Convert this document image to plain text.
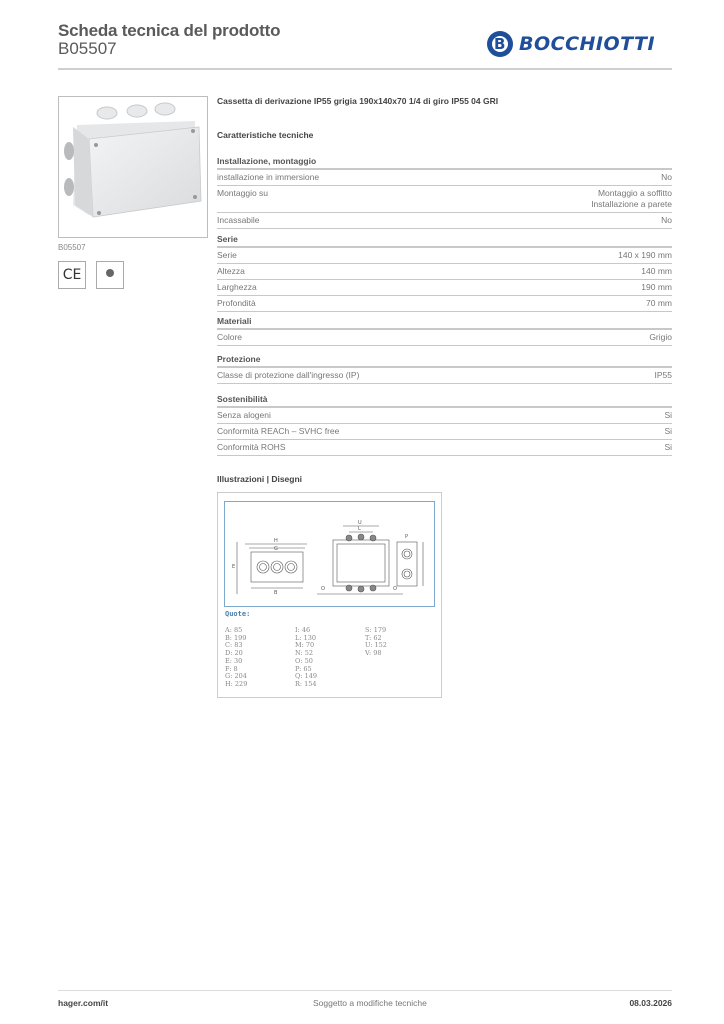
Scheda tecnica del prodotto
B05507 B	BOCCHIOTTI
B05507
CE
Cassetta di derivazione IP55 grigia 190x140x70 1/4 di giro IP55 04 GRI
Caratteristiche tecniche
Installazione, montaggio
installazione in immersione	No
Montaggio su	Montaggio a soffitto
Installazione a parete
Incassabile	No
Serie
Serie	140 x 190 mm
Altezza	140 mm
Larghezza	190 mm
Profondità	70 mm
Materiali
Colore	Grigio
Protezione
Classe di protezione dall'ingresso (IP)	IP55
Sostenibilità
Senza alogeni	Si
Conformità REACh – SVHC free	Si
Conformità ROHS	Si
Illustrazioni | Disegni
H
G
B
U
L
P
E
O	O
Quote:
A: 85
B: 199
C: 83
D: 20
E: 30
F: 8
G: 204
H: 229
I: 46
L: 130
M: 70
N: 52
O: 50
P: 65
Q: 149
R: 154
S: 179
T: 62
U: 152
V: 98
hager.com/it	Soggetto a modifiche tecniche	08.03.2026
